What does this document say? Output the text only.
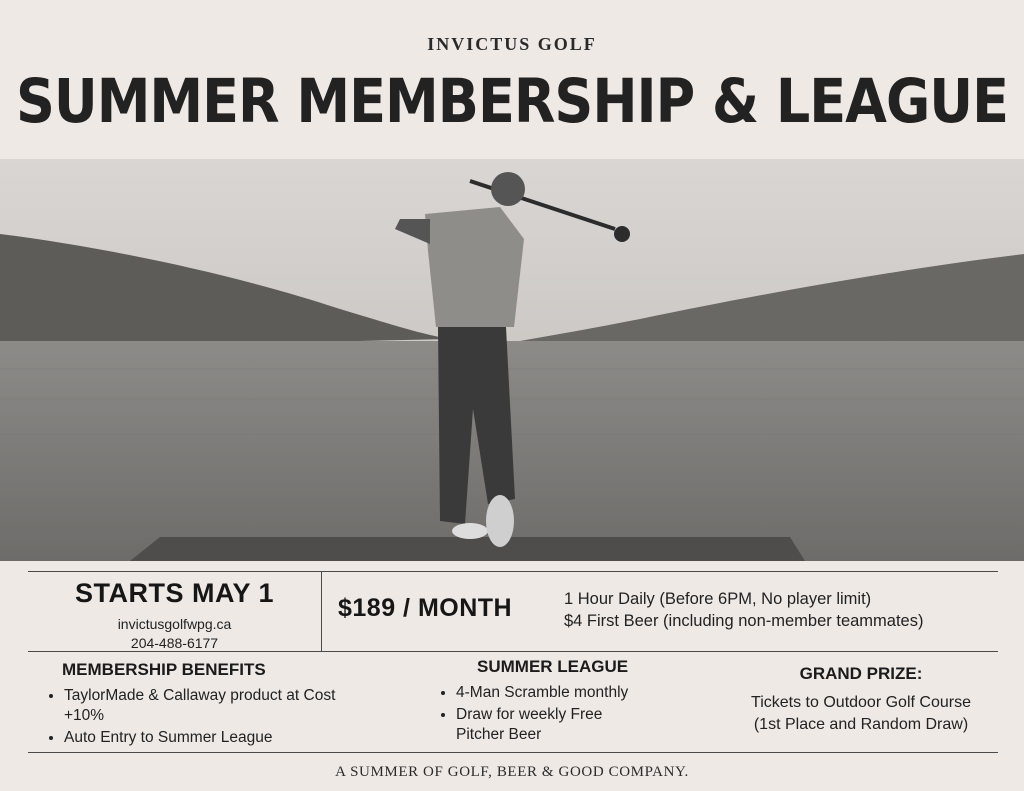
INVICTUS GOLF
SUMMER MEMBERSHIP & LEAGUE
STARTS MAY 1
invictusgolfwpg.ca
204-488-6177
$189 / MONTH	1 Hour Daily (Before 6PM, No player limit)
$4 First Beer (including non-member teammates)
MEMBERSHIP BENEFITS
• TaylorMade & Callaway product at Cost +10%
• Auto Entry to Summer League
SUMMER LEAGUE
• 4-Man Scramble monthly
• Draw for weekly Free Pitcher Beer
GRAND PRIZE:
Tickets to Outdoor Golf Course
(1st Place and Random Draw)
A SUMMER OF GOLF, BEER & GOOD COMPANY.
